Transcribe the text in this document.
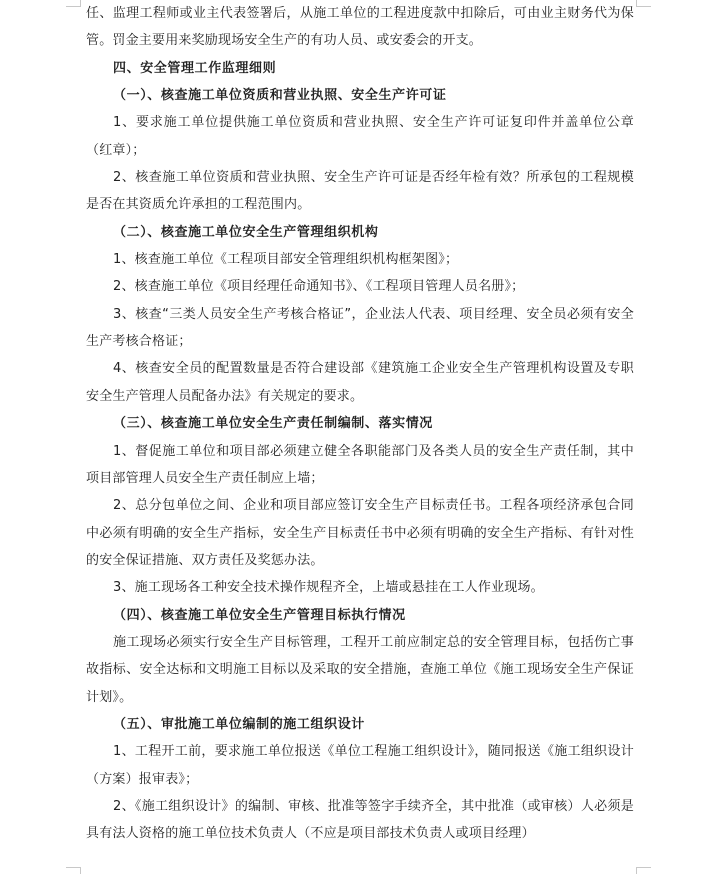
任、监理工程师或业主代表签署后，从施工单位的工程进度款中扣除后，可由业主财务代为保管。罚金主要用来奖励现场安全生产的有功人员、或安委会的开支。

四、安全管理工作监理细则

（一）、核查施工单位资质和营业执照、安全生产许可证

1、要求施工单位提供施工单位资质和营业执照、安全生产许可证复印件并盖单位公章（红章）；

2、核查施工单位资质和营业执照、安全生产许可证是否经年检有效？所承包的工程规模是否在其资质允许承担的工程范围内。

（二）、核查施工单位安全生产管理组织机构

1、核查施工单位《工程项目部安全管理组织机构框架图》；

2、核查施工单位《项目经理任命通知书》、《工程项目管理人员名册》；

3、核查“三类人员安全生产考核合格证”，企业法人代表、项目经理、安全员必须有安全生产考核合格证；

4、核查安全员的配置数量是否符合建设部《建筑施工企业安全生产管理机构设置及专职安全生产管理人员配备办法》有关规定的要求。

（三）、核查施工单位安全生产责任制编制、落实情况

1、督促施工单位和项目部必须建立健全各职能部门及各类人员的安全生产责任制，其中项目部管理人员安全生产责任制应上墙；

2、总分包单位之间、企业和项目部应签订安全生产目标责任书。工程各项经济承包合同中必须有明确的安全生产指标，安全生产目标责任书中必须有明确的安全生产指标、有针对性的安全保证措施、双方责任及奖惩办法。

3、施工现场各工种安全技术操作规程齐全，上墙或悬挂在工人作业现场。

（四）、核查施工单位安全生产管理目标执行情况

施工现场必须实行安全生产目标管理，工程开工前应制定总的安全管理目标，包括伤亡事故指标、安全达标和文明施工目标以及采取的安全措施，查施工单位《施工现场安全生产保证计划》。

（五）、审批施工单位编制的施工组织设计

1、工程开工前，要求施工单位报送《单位工程施工组织设计》，随同报送《施工组织设计（方案）报审表》；

2、《施工组织设计》的编制、审核、批准等签字手续齐全，其中批准（或审核）人必须是具有法人资格的施工单位技术负责人（不应是项目部技术负责人或项目经理）
